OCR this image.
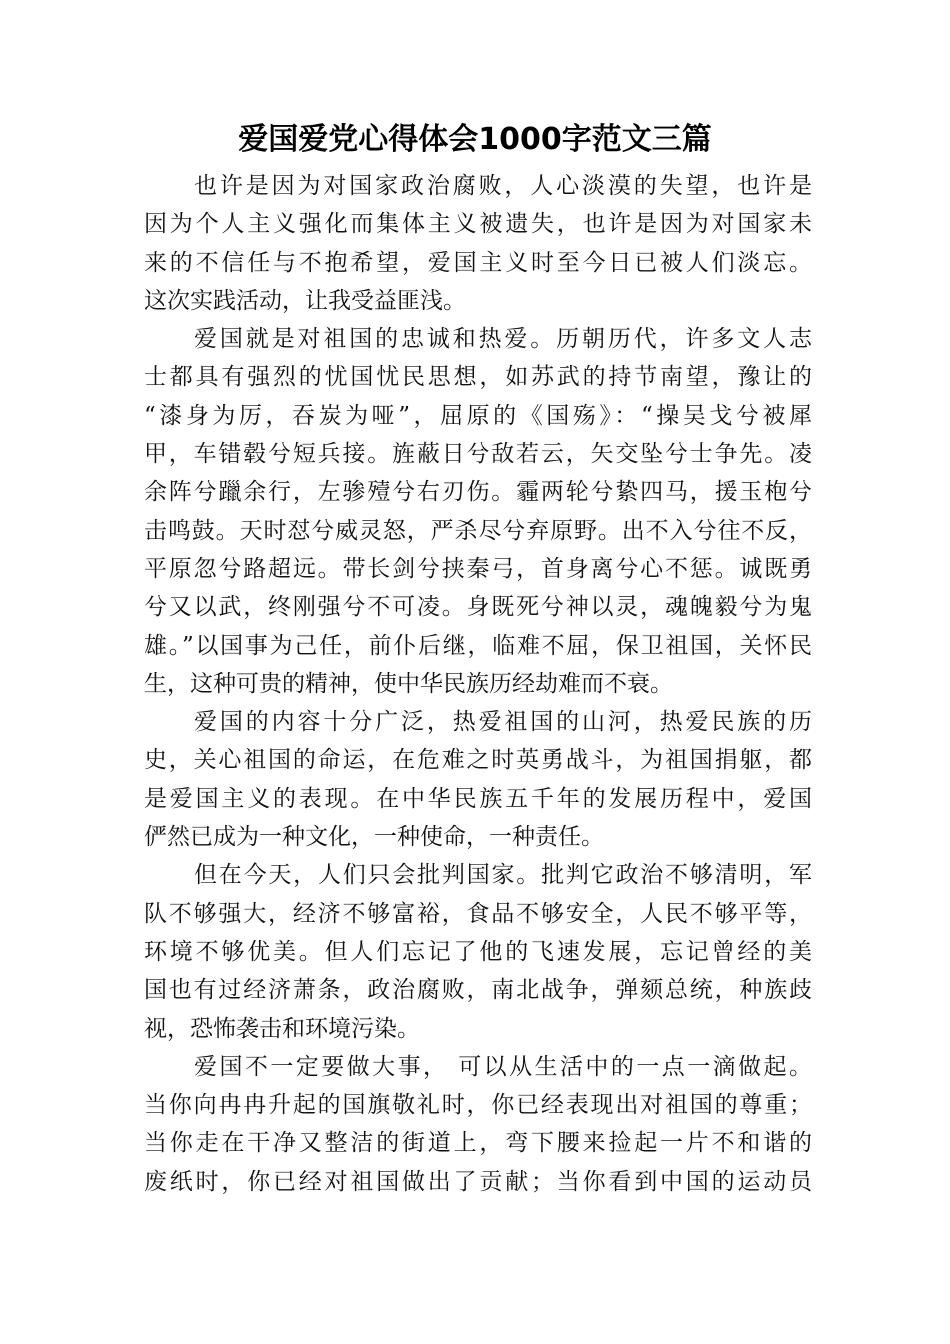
爱国爱党心得体会1000字范文三篇
也许是因为对国家政治腐败，人心淡漠的失望，也许是
因为个人主义强化而集体主义被遗失，也许是因为对国家未
来的不信任与不抱希望，爱国主义时至今日已被人们淡忘。
这次实践活动，让我受益匪浅。
爱国就是对祖国的忠诚和热爱。历朝历代，许多文人志
士都具有强烈的忧国忧民思想，如苏武的持节南望，豫让的
“漆身为厉，吞炭为哑”，屈原的《国殇》：“操吴戈兮被犀
甲，车错毂兮短兵接。旌蔽日兮敌若云，矢交坠兮士争先。凌
余阵兮躐余行，左骖殪兮右刃伤。霾两轮兮絷四马，援玉枹兮
击鸣鼓。天时怼兮威灵怒，严杀尽兮弃原野。出不入兮往不反，
平原忽兮路超远。带长剑兮挟秦弓，首身离兮心不惩。诚既勇
兮又以武，终刚强兮不可凌。身既死兮神以灵，魂魄毅兮为鬼
雄。”以国事为己任，前仆后继，临难不屈，保卫祖国，关怀民
生，这种可贵的精神，使中华民族历经劫难而不衰。
爱国的内容十分广泛，热爱祖国的山河，热爱民族的历
史，关心祖国的命运，在危难之时英勇战斗，为祖国捐躯，都
是爱国主义的表现。在中华民族五千年的发展历程中，爱国
俨然已成为一种文化，一种使命，一种责任。
但在今天，人们只会批判国家。批判它政治不够清明，军
队不够强大，经济不够富裕，食品不够安全，人民不够平等，
环境不够优美。但人们忘记了他的飞速发展，忘记曾经的美
国也有过经济萧条，政治腐败，南北战争，弹颏总统，种族歧
视，恐怖袭击和环境污染。
爱国不一定要做大事， 可以从生活中的一点一滴做起。
当你向冉冉升起的国旗敬礼时，你已经表现出对祖国的尊重；
当你走在干净又整洁的街道上，弯下腰来捡起一片不和谐的
废纸时，你已经对祖国做出了贡献；当你看到中国的运动员
